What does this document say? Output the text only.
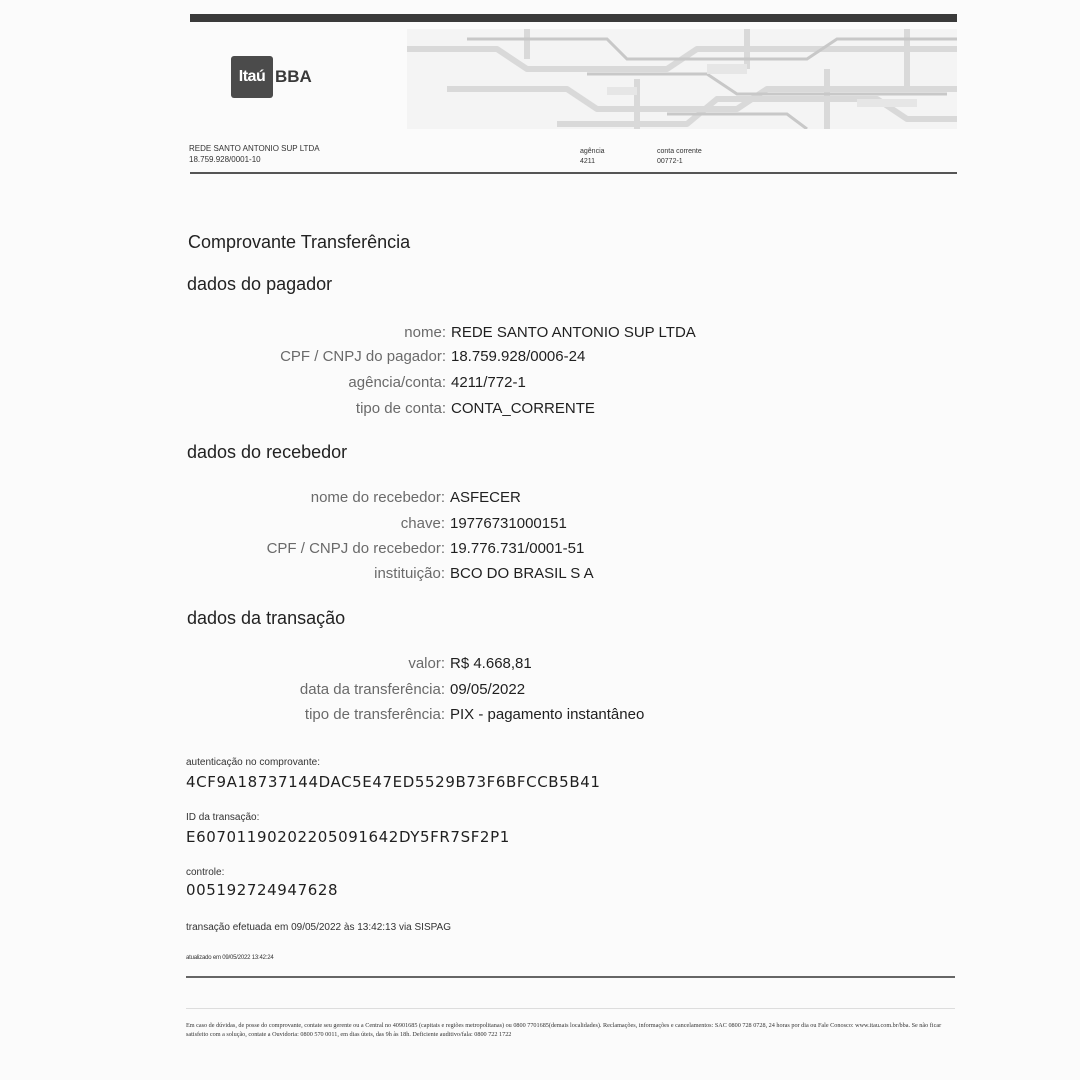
Itaú BBA
REDE SANTO ANTONIO SUP LTDA
18.759.928/0001-10
agência
4211
conta corrente
00772-1
Comprovante Transferência
dados do pagador
nome: REDE SANTO ANTONIO SUP LTDA
CPF / CNPJ do pagador: 18.759.928/0006-24
agência/conta: 4211/772-1
tipo de conta: CONTA_CORRENTE
dados do recebedor
nome do recebedor: ASFECER
chave: 19776731000151
CPF / CNPJ do recebedor: 19.776.731/0001-51
instituição: BCO DO BRASIL S A
dados da transação
valor: R$ 4.668,81
data da transferência: 09/05/2022
tipo de transferência: PIX - pagamento instantâneo
autenticação no comprovante:
4CF9A18737144DAC5E47ED5529B73F6BFCCB5B41
ID da transação:
E60701190202205091642DY5FR7SF2P1
controle:
005192724947628
transação efetuada em 09/05/2022 às 13:42:13 via SISPAG
atualizado em 09/05/2022 13:42:24
Em caso de dúvidas, de posse do comprovante, contate seu gerente ou a Central no 40901685 (capitais e regiões metropolitanas) ou 0800 7701685(demais localidades). Reclamações, informações e cancelamentos: SAC 0800 728 0728, 24 horas por dia ou Fale Conosco: www.itau.com.br/bba. Se não ficar satisfeito com a solução, contate a Ouvidoria: 0800 570 0011, em dias úteis, das 9h às 18h. Deficiente auditivo/fala: 0800 722 1722
